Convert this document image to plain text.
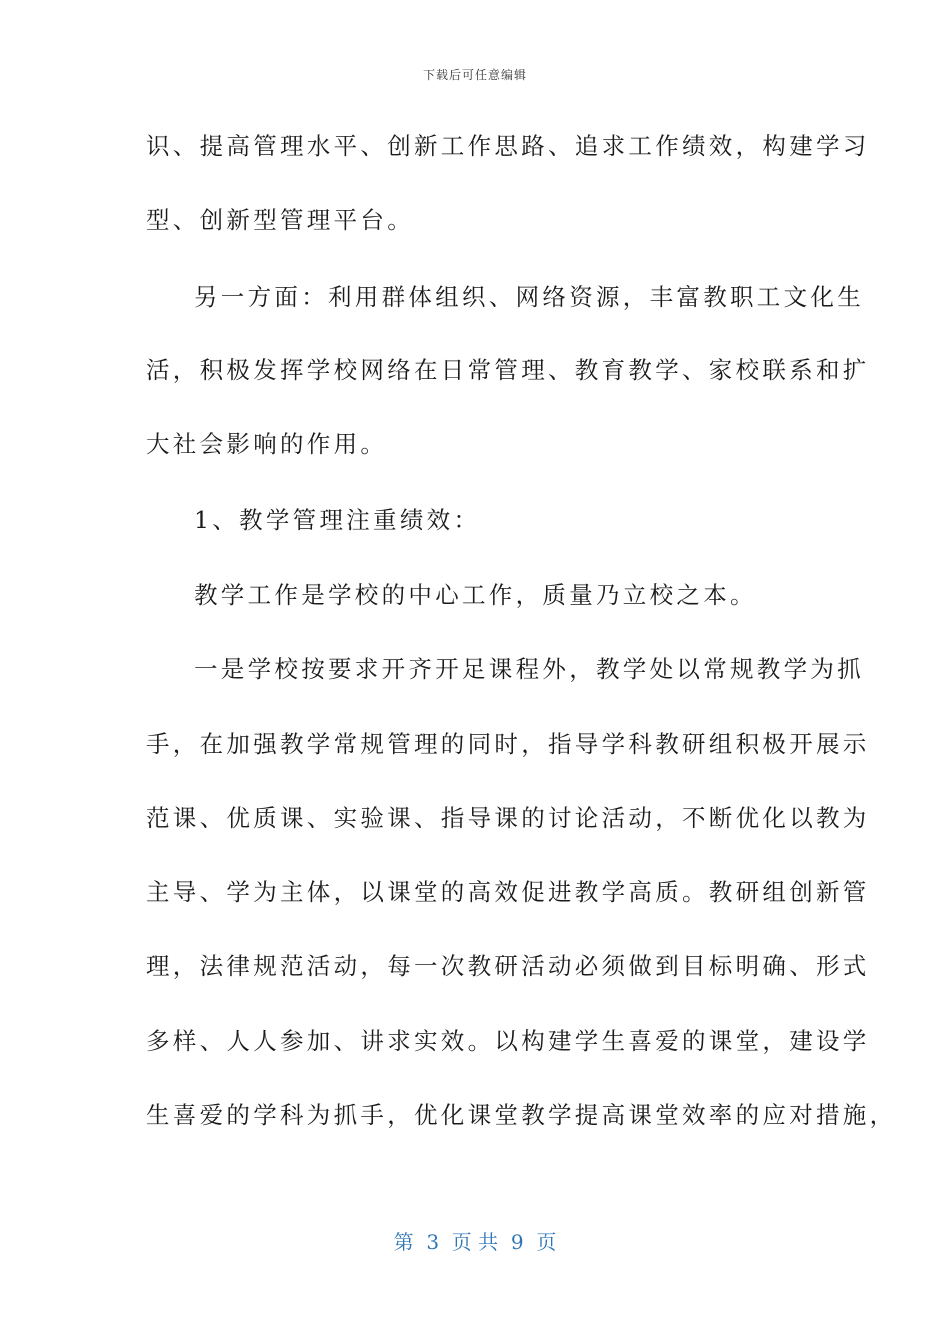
下载后可任意编辑
识、提高管理水平、创新工作思路、追求工作绩效，构建学习
型、创新型管理平台。
另一方面：利用群体组织、网络资源，丰富教职工文化生
活，积极发挥学校网络在日常管理、教育教学、家校联系和扩
大社会影响的作用。
1、教学管理注重绩效：
教学工作是学校的中心工作，质量乃立校之本。
一是学校按要求开齐开足课程外，教学处以常规教学为抓
手，在加强教学常规管理的同时，指导学科教研组积极开展示
范课、优质课、实验课、指导课的讨论活动，不断优化以教为
主导、学为主体，以课堂的高效促进教学高质。教研组创新管
理，法律规范活动，每一次教研活动必须做到目标明确、形式
多样、人人参加、讲求实效。以构建学生喜爱的课堂，建设学
生喜爱的学科为抓手，优化课堂教学提高课堂效率的应对措施，
第  3  页 共  9  页
